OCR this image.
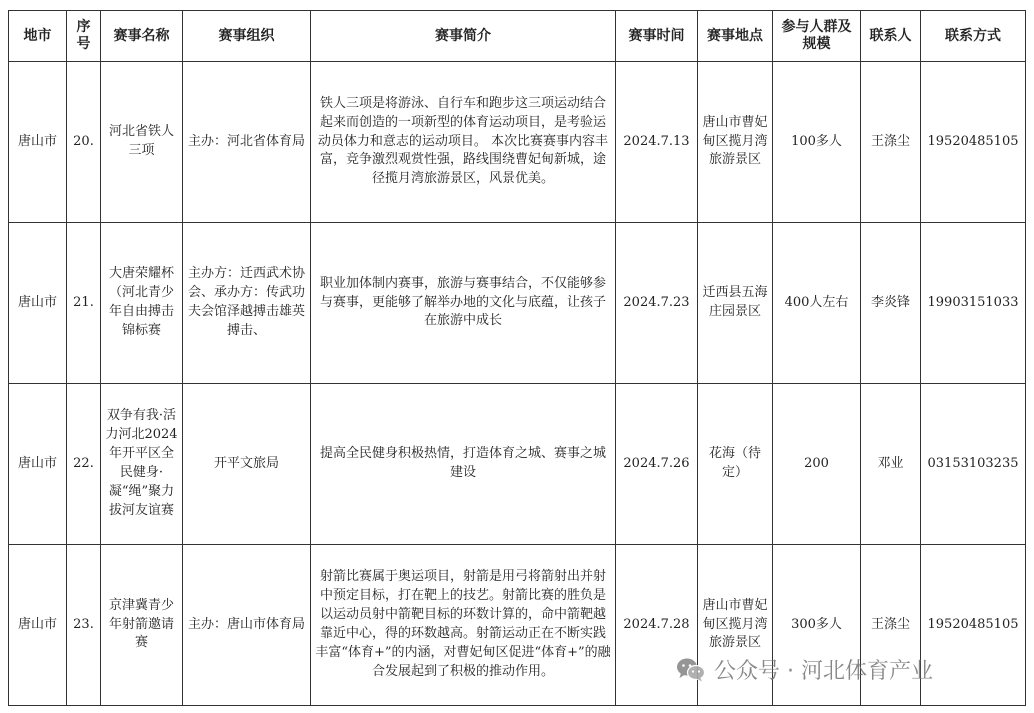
地市	序号	赛事名称	赛事组织	赛事简介	赛事时间	赛事地点	参与人群及规模	联系人	联系方式
唐山市	20.	河北省铁人三项	主办：河北省体育局	铁人三项是将游泳、自行车和跑步这三项运动结合起来而创造的一项新型的体育运动项目，是考验运动员体力和意志的运动项目。 本次比赛赛事内容丰富，竞争激烈观赏性强，路线围绕曹妃甸新城，途径揽月湾旅游景区，风景优美。	2024.7.13	唐山市曹妃甸区揽月湾旅游景区	100多人	王涤尘	19520485105
唐山市	21.	大唐荣耀杯（河北青少年自由搏击锦标赛	主办方：迁西武术协会、承办方：传武功夫会馆泽越搏击雄英搏击、	职业加体制内赛事，旅游与赛事结合，不仅能够参与赛事，更能够了解举办地的文化与底蕴，让孩子在旅游中成长	2024.7.23	迁西县五海庄园景区	400人左右	李炎锋	19903151033
唐山市	22.	双争有我·活力河北2024年开平区全民健身·凝“绳”聚力拔河友谊赛	开平文旅局	提高全民健身积极热情，打造体育之城、赛事之城建设	2024.7.26	花海（待定）	200	邓业	03153103235
唐山市	23.	京津冀青少年射箭邀请赛	主办：唐山市体育局	射箭比赛属于奥运项目，射箭是用弓将箭射出并射中预定目标，打在靶上的技艺。射箭比赛的胜负是以运动员射中箭靶目标的环数计算的，命中箭靶越靠近中心，得的环数越高。射箭运动正在不断实践丰富“体育+”的内涵，对曹妃甸区促进“体育+”的融合发展起到了积极的推动作用。	2024.7.28	唐山市曹妃甸区揽月湾旅游景区	300多人	王涤尘	19520485105
公众号 · 河北体育产业
